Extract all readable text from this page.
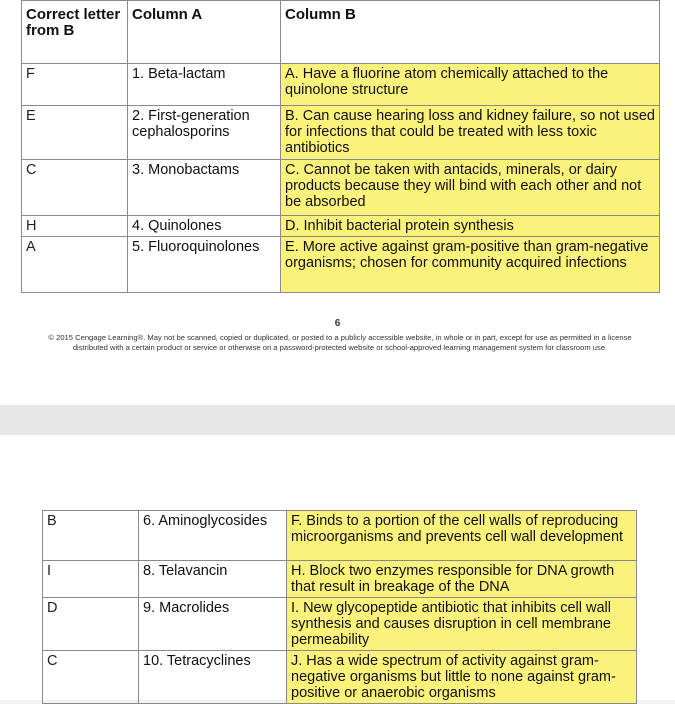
Correct letter from B	Column A	Column B
F	1. Beta-lactam	A. Have a fluorine atom chemically attached to the quinolone structure
E	2. First-generation cephalosporins	B. Can cause hearing loss and kidney failure, so not used for infections that could be treated with less toxic antibiotics
C	3. Monobactams	C. Cannot be taken with antacids, minerals, or dairy products because they will bind with each other and not be absorbed
H	4. Quinolones	D. Inhibit bacterial protein synthesis
A	5. Fluoroquinolones	E. More active against gram-positive than gram-negative organisms; chosen for community acquired infections
6
© 2015 Cengage Learning®. May not be scanned, copied or duplicated, or posted to a publicly accessible website, in whole or in part, except for use as permitted in a license distributed with a certain product or service or otherwise on a password-protected website or school-approved learning management system for classroom use.
B	6. Aminoglycosides	F. Binds to a portion of the cell walls of reproducing microorganisms and prevents cell wall development
I	8. Telavancin	H. Block two enzymes responsible for DNA growth that result in breakage of the DNA
D	9. Macrolides	I. New glycopeptide antibiotic that inhibits cell wall synthesis and causes disruption in cell membrane permeability
C	10. Tetracyclines	J. Has a wide spectrum of activity against gram-negative organisms but little to none against gram-positive or anaerobic organisms
